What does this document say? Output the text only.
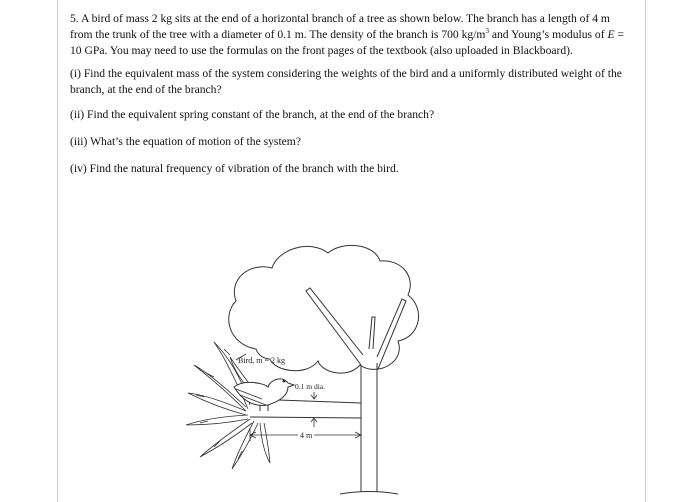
5. A bird of mass 2 kg sits at the end of a horizontal branch of a tree as shown below. The branch has a length of 4 m from the trunk of the tree with a diameter of 0.1 m. The density of the branch is 700 $kg/m^3$ and Young’s modulus of E = 10 GPa. You may need to use the formulas on the front pages of the textbook (also uploaded in Blackboard).

(i) Find the equivalent mass of the system considering the weights of the bird and a uniformly distributed weight of the branch, at the end of the branch?

(ii) Find the equivalent spring constant of the branch, at the end of the branch?

(iii) What’s the equation of motion of the system?

(iv) Find the natural frequency of vibration of the branch with the bird.

Bird, m = 2 kg
0.1 m dia.
4 m
